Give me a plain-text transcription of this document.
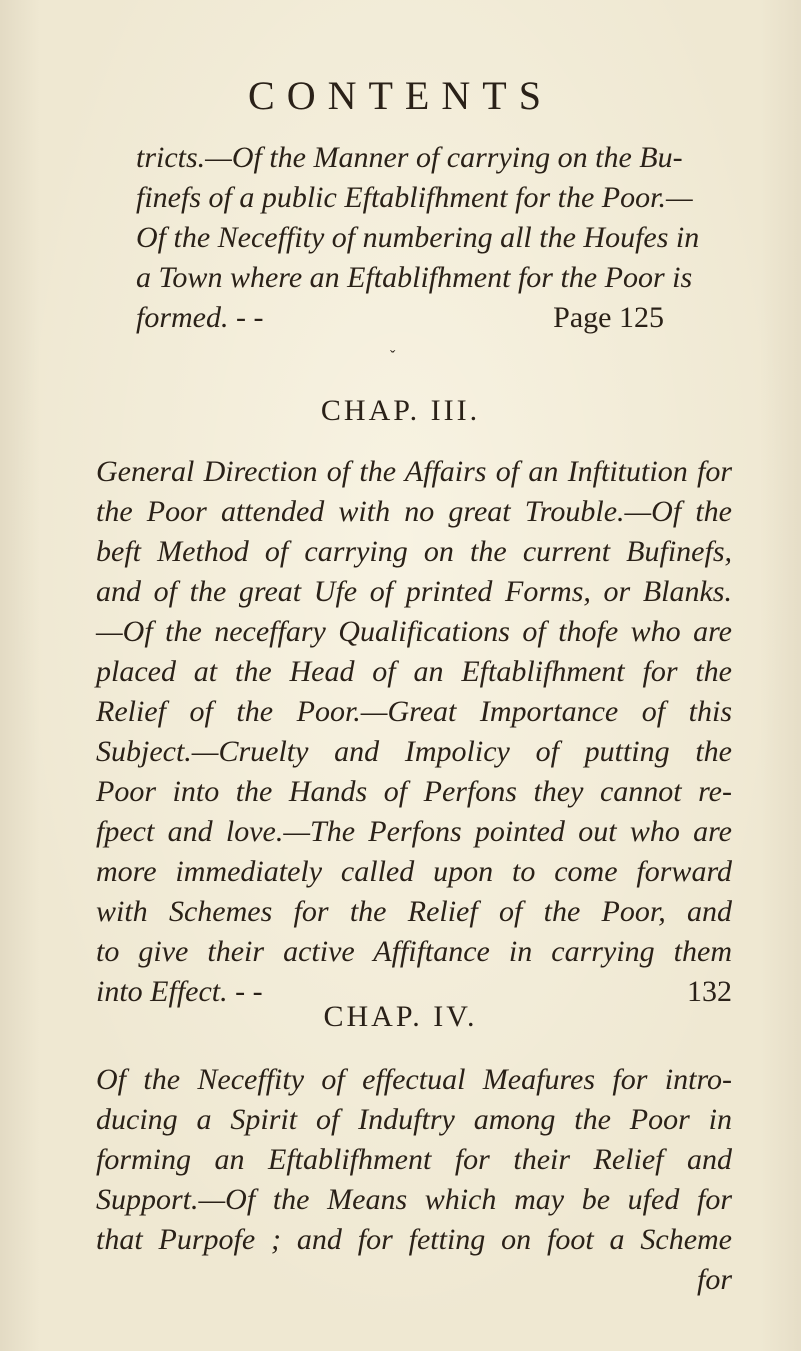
CONTENTS
tricts.—Of the Manner of carrying on the Bu-
finefs of a public Eftablifhment for the Poor.—
Of the Neceffity of numbering all the Houfes in
a Town where an Eftablifhment for the Poor is
formed. - -	Page 125
ˇ
CHAP. III.
General Direction of the Affairs of an Inftitution for
the Poor attended with no great Trouble.—Of the
beft Method of carrying on the current Bufinefs,
and of the great Ufe of printed Forms, or Blanks.
—Of the neceffary Qualifications of thofe who are
placed at the Head of an Eftablifhment for the
Relief of the Poor.—Great Importance of this
Subject.—Cruelty and Impolicy of putting the
Poor into the Hands of Perfons they cannot re-
fpect and love.—The Perfons pointed out who are
more immediately called upon to come forward
with Schemes for the Relief of the Poor, and
to give their active Affiftance in carrying them
into Effect. - -	132
CHAP. IV.
Of the Neceffity of effectual Meafures for intro-
ducing a Spirit of Induftry among the Poor in
forming an Eftablifhment for their Relief and
Support.—Of the Means which may be ufed for
that Purpofe ; and for fetting on foot a Scheme
for
